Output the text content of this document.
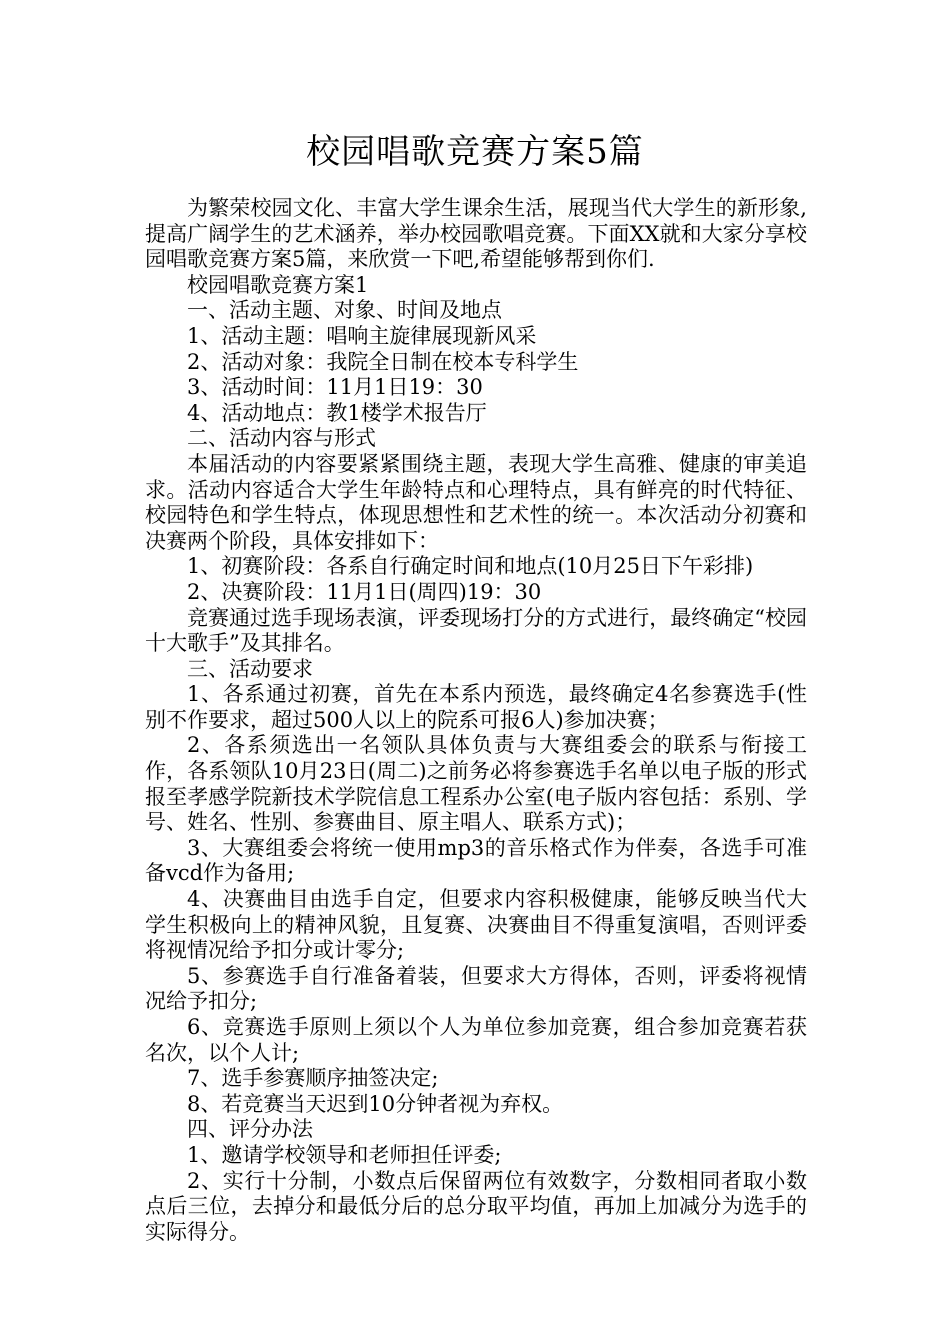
校园唱歌竞赛方案5篇

为繁荣校园文化、丰富大学生课余生活，展现当代大学生的新形象,提高广阔学生的艺术涵养，举办校园歌唱竞赛。下面XX就和大家分享校园唱歌竞赛方案5篇，来欣赏一下吧,希望能够帮到你们.

校园唱歌竞赛方案1

一、活动主题、对象、时间及地点

1、活动主题：唱响主旋律展现新风采

2、活动对象：我院全日制在校本专科学生

3、活动时间：11月1日19：30

4、活动地点：教1楼学术报告厅

二、活动内容与形式

本届活动的内容要紧紧围绕主题，表现大学生高雅、健康的审美追求。活动内容适合大学生年龄特点和心理特点，具有鲜亮的时代特征、校园特色和学生特点，体现思想性和艺术性的统一。本次活动分初赛和决赛两个阶段，具体安排如下：

1、初赛阶段：各系自行确定时间和地点(10月25日下午彩排)

2、决赛阶段：11月1日(周四)19：30

竞赛通过选手现场表演，评委现场打分的方式进行，最终确定“校园十大歌手”及其排名。

三、活动要求

1、各系通过初赛，首先在本系内预选，最终确定4名参赛选手(性别不作要求，超过500人以上的院系可报6人)参加决赛；

2、各系须选出一名领队具体负责与大赛组委会的联系与衔接工作，各系领队10月23日(周二)之前务必将参赛选手名单以电子版的形式报至孝感学院新技术学院信息工程系办公室(电子版内容包括：系别、学号、姓名、性别、参赛曲目、原主唱人、联系方式)；

3、大赛组委会将统一使用mp3的音乐格式作为伴奏，各选手可准备vcd作为备用;

4、决赛曲目由选手自定，但要求内容积极健康，能够反映当代大学生积极向上的精神风貌，且复赛、决赛曲目不得重复演唱，否则评委将视情况给予扣分或计零分;

5、参赛选手自行准备着装，但要求大方得体，否则，评委将视情况给予扣分;

6、竞赛选手原则上须以个人为单位参加竞赛，组合参加竞赛若获名次，以个人计;

7、选手参赛顺序抽签决定;

8、若竞赛当天迟到10分钟者视为弃权。

四、评分办法

1、邀请学校领导和老师担任评委;

2、实行十分制，小数点后保留两位有效数字，分数相同者取小数点后三位，去掉分和最低分后的总分取平均值，再加上加减分为选手的实际得分。
